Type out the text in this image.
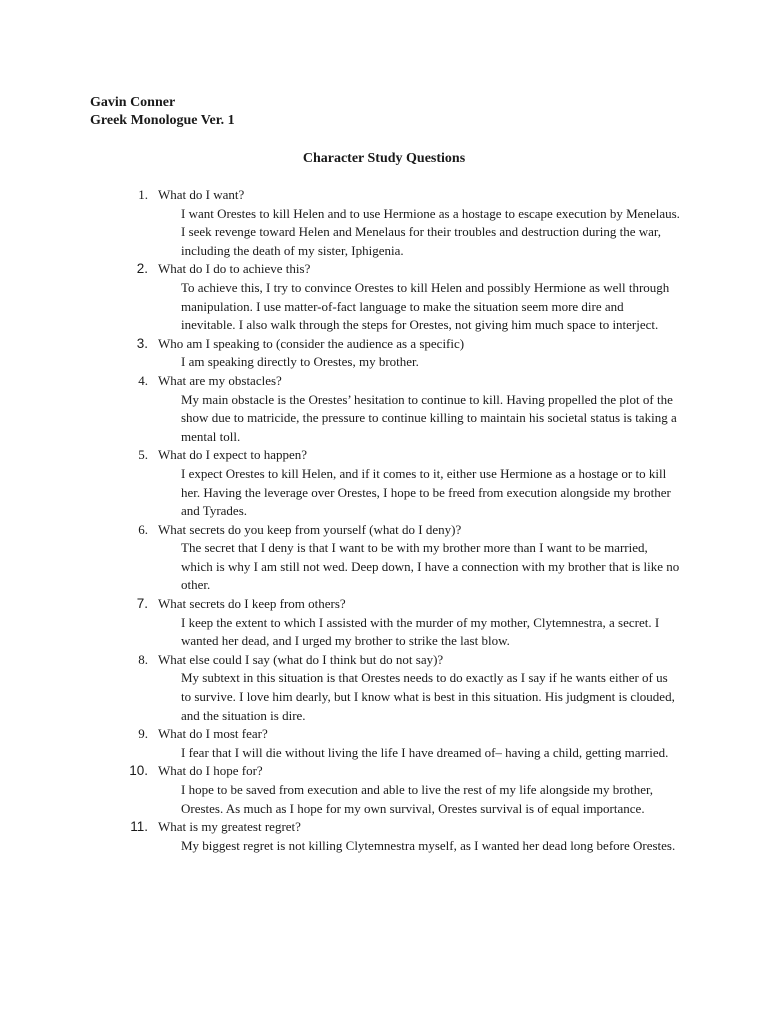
Gavin Conner
Greek Monologue Ver. 1
Character Study Questions
1. What do I want?
I want Orestes to kill Helen and to use Hermione as a hostage to escape execution by Menelaus. I seek revenge toward Helen and Menelaus for their troubles and destruction during the war, including the death of my sister, Iphigenia.
2. What do I do to achieve this?
To achieve this, I try to convince Orestes to kill Helen and possibly Hermione as well through manipulation. I use matter-of-fact language to make the situation seem more dire and inevitable. I also walk through the steps for Orestes, not giving him much space to interject.
3. Who am I speaking to (consider the audience as a specific)
I am speaking directly to Orestes, my brother.
4. What are my obstacles?
My main obstacle is the Orestes’ hesitation to continue to kill. Having propelled the plot of the show due to matricide, the pressure to continue killing to maintain his societal status is taking a mental toll.
5. What do I expect to happen?
I expect Orestes to kill Helen, and if it comes to it, either use Hermione as a hostage or to kill her. Having the leverage over Orestes, I hope to be freed from execution alongside my brother and Tyrades.
6. What secrets do you keep from yourself (what do I deny)?
The secret that I deny is that I want to be with my brother more than I want to be married, which is why I am still not wed. Deep down, I have a connection with my brother that is like no other.
7. What secrets do I keep from others?
I keep the extent to which I assisted with the murder of my mother, Clytemnestra, a secret. I wanted her dead, and I urged my brother to strike the last blow.
8. What else could I say (what do I think but do not say)?
My subtext in this situation is that Orestes needs to do exactly as I say if he wants either of us to survive. I love him dearly, but I know what is best in this situation. His judgment is clouded, and the situation is dire.
9. What do I most fear?
I fear that I will die without living the life I have dreamed of– having a child, getting married.
10. What do I hope for?
I hope to be saved from execution and able to live the rest of my life alongside my brother, Orestes. As much as I hope for my own survival, Orestes survival is of equal importance.
11. What is my greatest regret?
My biggest regret is not killing Clytemnestra myself, as I wanted her dead long before Orestes.
